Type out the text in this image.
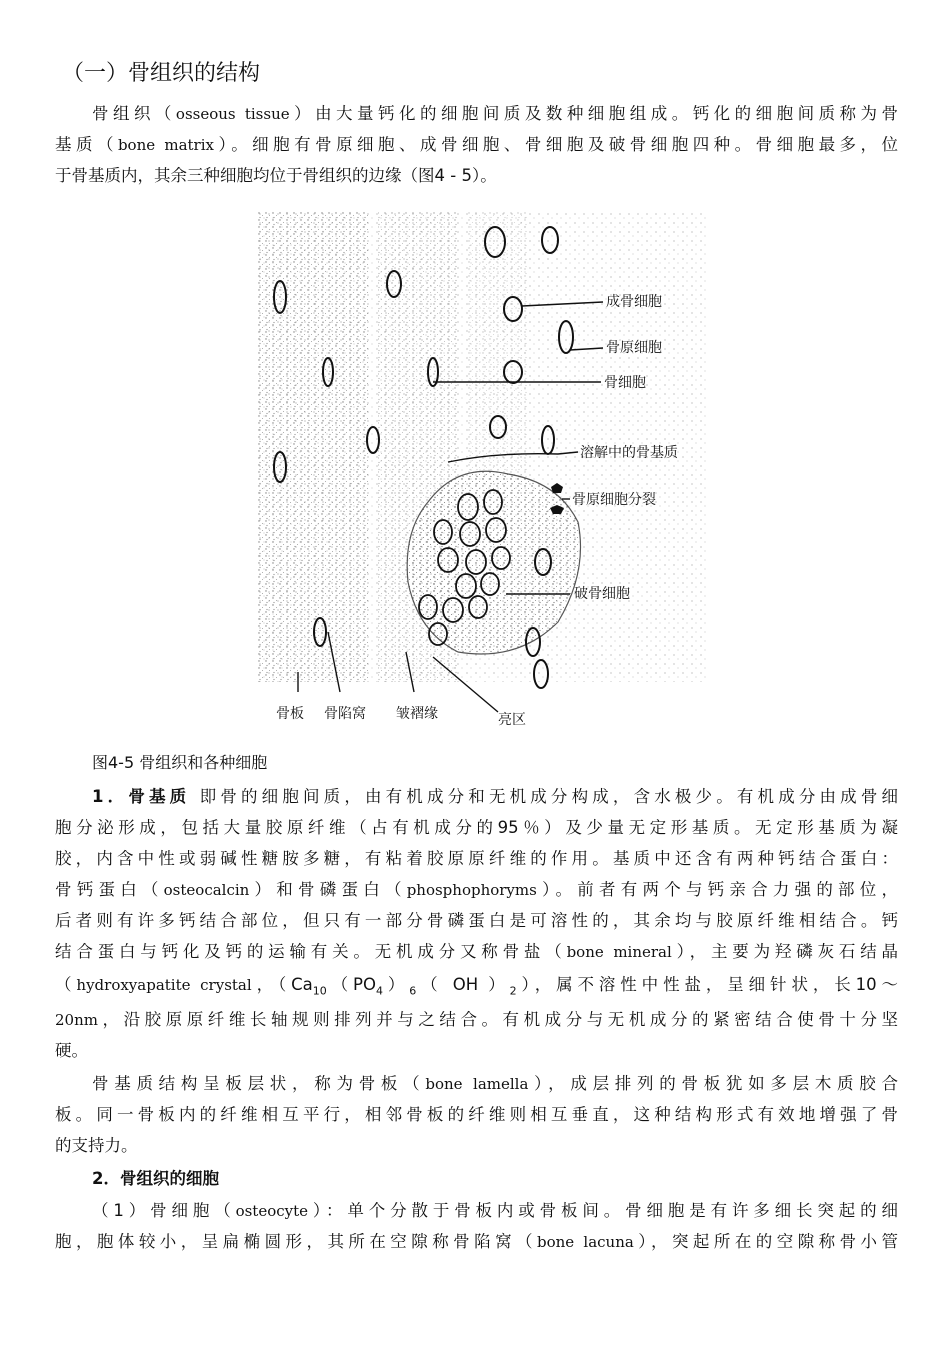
（一）骨组织的结构
骨组织（osseous tissue）由大量钙化的细胞间质及数种细胞组成。钙化的细胞间质称为骨
基质（bone matrix）。细胞有骨原细胞、成骨细胞、骨细胞及破骨细胞四种。骨细胞最多，位
于骨基质内，其余三种细胞均位于骨组织的边缘（图4 - 5）。
成骨细胞
骨原细胞
骨细胞
溶解中的骨基质
骨原细胞分裂
破骨细胞
骨板 骨陷窝 皱褶缘	亮区
图4-5 骨组织和各种细胞
1．骨基质 即骨的细胞间质，由有机成分和无机成分构成，含水极少。有机成分由成骨细
胞分泌形成，包括大量胶原纤维（占有机成分的95％）及少量无定形基质。无定形基质为凝
胶，内含中性或弱碱性糖胺多糖，有粘着胶原原纤维的作用。基质中还含有两种钙结合蛋白：
骨钙蛋白（osteocalcin）和骨磷蛋白（phosphophoryms）。前者有两个与钙亲合力强的部位，
后者则有许多钙结合部位，但只有一部分骨磷蛋白是可溶性的，其余均与胶原纤维相结合。钙
结合蛋白与钙化及钙的运输有关。无机成分又称骨盐（bone mineral），主要为羟磷灰石结晶
（hydroxyapatite crystal，（$Ca_{10}(PO_4)_6$（ OH ）$_2$），属不溶性中性盐，呈细针状，长10～
20nm，沿胶原原纤维长轴规则排列并与之结合。有机成分与无机成分的紧密结合使骨十分坚
硬。
骨基质结构呈板层状，称为骨板（bone lamella），成层排列的骨板犹如多层木质胶合
板。同一骨板内的纤维相互平行，相邻骨板的纤维则相互垂直，这种结构形式有效地增强了骨
的支持力。
2．骨组织的细胞
（1）骨细胞（osteocyte）：单个分散于骨板内或骨板间。骨细胞是有许多细长突起的细
胞，胞体较小，呈扁椭圆形，其所在空隙称骨陷窝（bone lacuna），突起所在的空隙称骨小管
